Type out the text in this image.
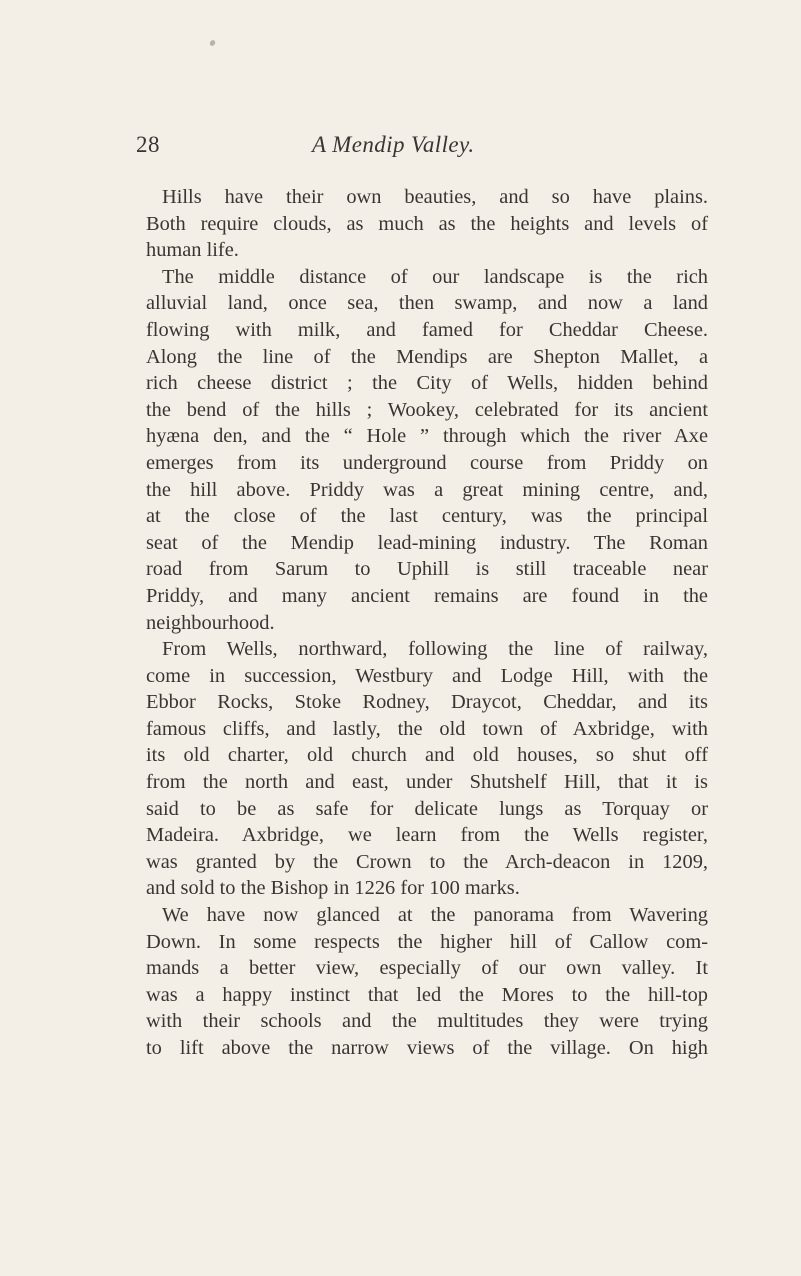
28	A Mendip Valley.
Hills have their own beauties, and so have plains.
Both require clouds, as much as the heights and levels of
human life.
The middle distance of our landscape is the rich
alluvial land, once sea, then swamp, and now a land
flowing with milk, and famed for Cheddar Cheese.
Along the line of the Mendips are Shepton Mallet, a
rich cheese district ; the City of Wells, hidden behind
the bend of the hills ; Wookey, celebrated for its ancient
hyæna den, and the “ Hole ” through which the river Axe
emerges from its underground course from Priddy on
the hill above. Priddy was a great mining centre, and,
at the close of the last century, was the principal
seat of the Mendip lead-mining industry. The Roman
road from Sarum to Uphill is still traceable near
Priddy, and many ancient remains are found in the
neighbourhood.
From Wells, northward, following the line of railway,
come in succession, Westbury and Lodge Hill, with the
Ebbor Rocks, Stoke Rodney, Draycot, Cheddar, and its
famous cliffs, and lastly, the old town of Axbridge, with
its old charter, old church and old houses, so shut off
from the north and east, under Shutshelf Hill, that it is
said to be as safe for delicate lungs as Torquay or
Madeira. Axbridge, we learn from the Wells register,
was granted by the Crown to the Arch-deacon in 1209,
and sold to the Bishop in 1226 for 100 marks.
We have now glanced at the panorama from Wavering
Down. In some respects the higher hill of Callow com-
mands a better view, especially of our own valley. It
was a happy instinct that led the Mores to the hill-top
with their schools and the multitudes they were trying
to lift above the narrow views of the village. On high
